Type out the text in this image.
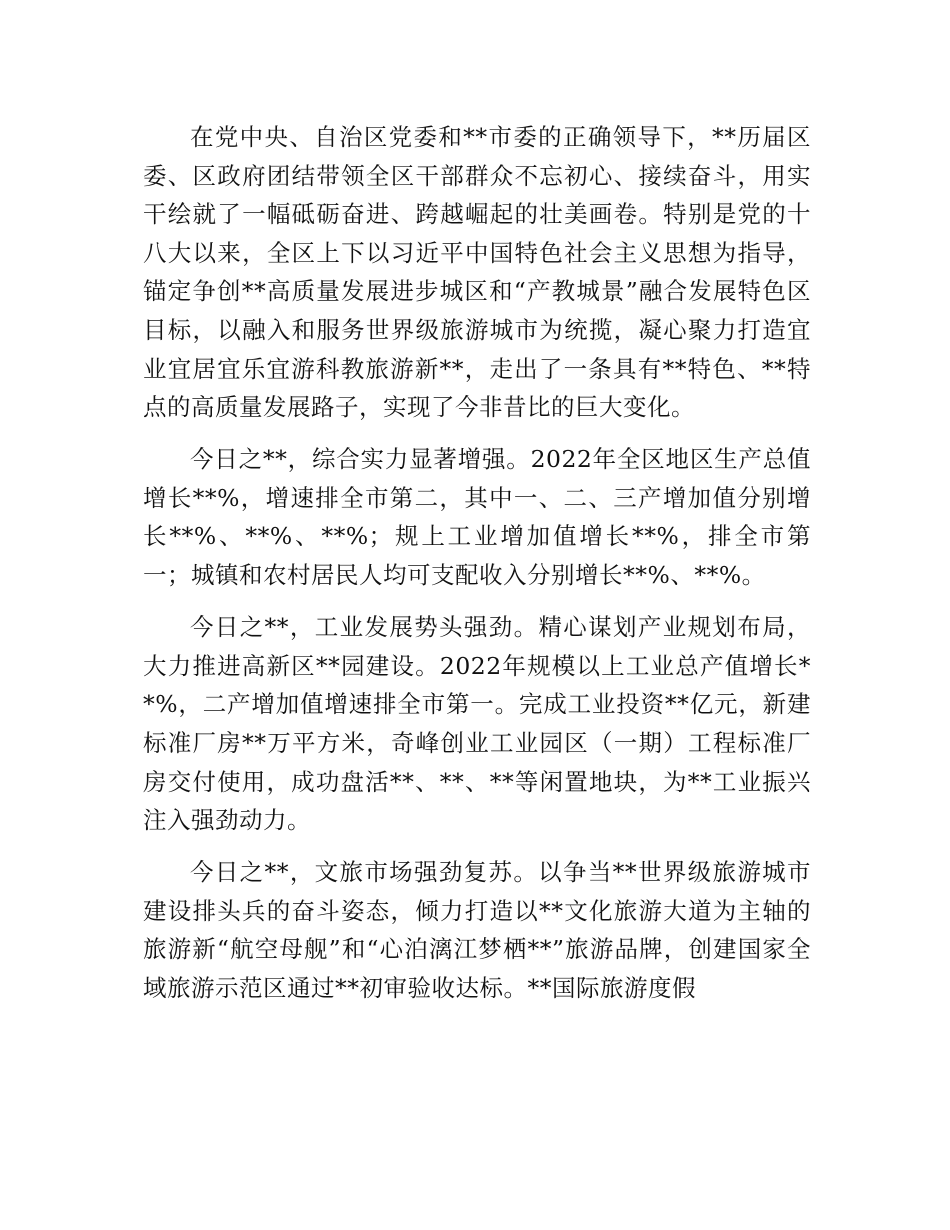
在党中央、自治区党委和**市委的正确领导下，**历届区委、区政府团结带领全区干部群众不忘初心、接续奋斗，用实干绘就了一幅砥砺奋进、跨越崛起的壮美画卷。特别是党的十八大以来，全区上下以习近平中国特色社会主义思想为指导，锚定争创**高质量发展进步城区和“产教城景”融合发展特色区目标，以融入和服务世界级旅游城市为统揽，凝心聚力打造宜业宜居宜乐宜游科教旅游新**，走出了一条具有**特色、**特点的高质量发展路子，实现了今非昔比的巨大变化。

今日之**，综合实力显著增强。2022年全区地区生产总值增长**%，增速排全市第二，其中一、二、三产增加值分别增长**%、**%、**%；规上工业增加值增长**%，排全市第一；城镇和农村居民人均可支配收入分别增长**%、**%。

今日之**，工业发展势头强劲。精心谋划产业规划布局，大力推进高新区**园建设。2022年规模以上工业总产值增长**%，二产增加值增速排全市第一。完成工业投资**亿元，新建标准厂房**万平方米，奇峰创业工业园区（一期）工程标准厂房交付使用，成功盘活**、**、**等闲置地块，为**工业振兴注入强劲动力。

今日之**，文旅市场强劲复苏。以争当**世界级旅游城市建设排头兵的奋斗姿态，倾力打造以**文化旅游大道为主轴的旅游新“航空母舰”和“心泊漓江梦栖**”旅游品牌，创建国家全域旅游示范区通过**初审验收达标。**国际旅游度假
